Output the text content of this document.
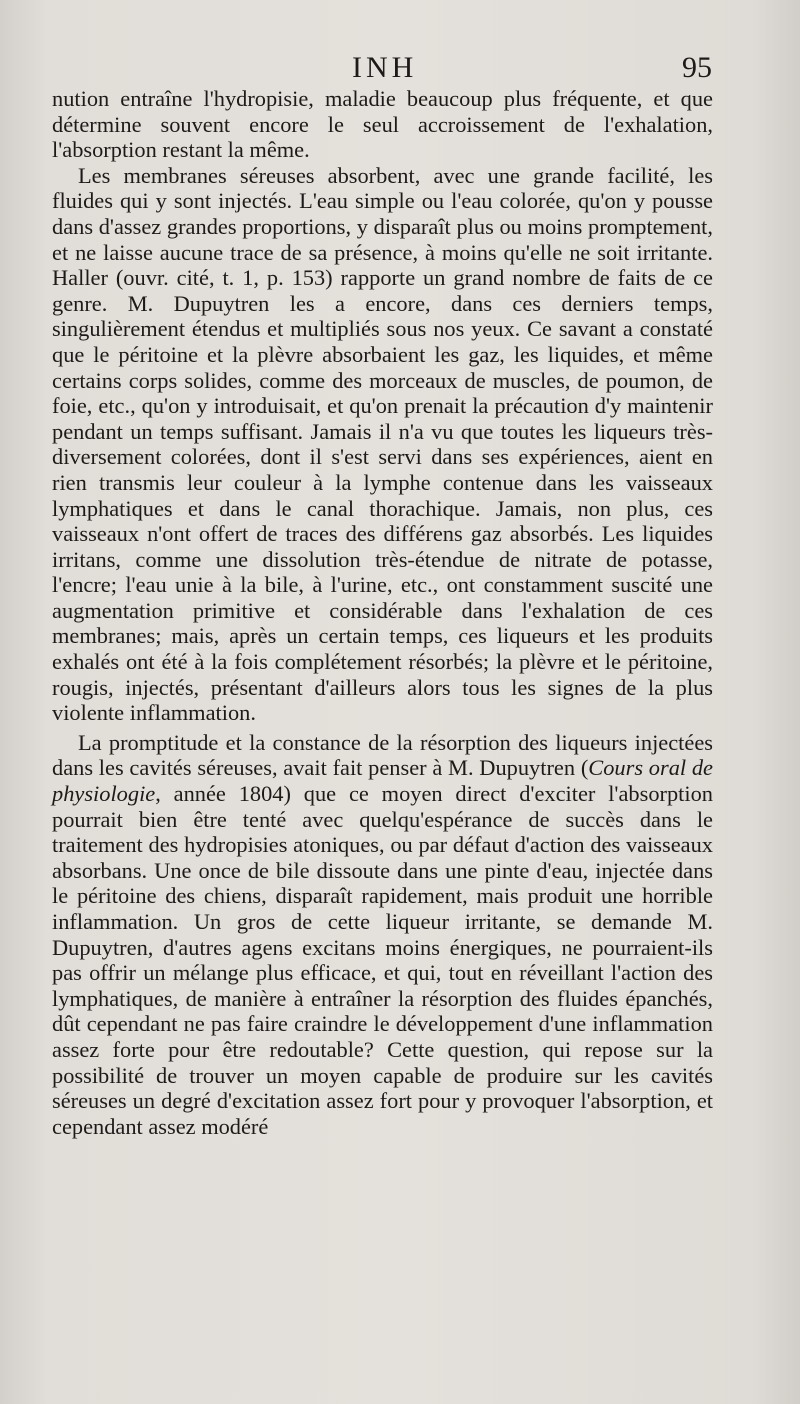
INH	95

nution entraîne l'hydropisie, maladie beaucoup plus fréquente, et que détermine souvent encore le seul accroissement de l'exhalation, l'absorption restant la même.

Les membranes séreuses absorbent, avec une grande facilité, les fluides qui y sont injectés. L'eau simple ou l'eau colorée, qu'on y pousse dans d'assez grandes proportions, y disparaît plus ou moins promptement, et ne laisse aucune trace de sa présence, à moins qu'elle ne soit irritante. Haller (ouvr. cité, t. 1, p. 153) rapporte un grand nombre de faits de ce genre. M. Dupuytren les a encore, dans ces derniers temps, singulièrement étendus et multipliés sous nos yeux. Ce savant a constaté que le péritoine et la plèvre absorbaient les gaz, les liquides, et même certains corps solides, comme des morceaux de muscles, de poumon, de foie, etc., qu'on y introduisait, et qu'on prenait la précaution d'y maintenir pendant un temps suffisant. Jamais il n'a vu que toutes les liqueurs très-diversement colorées, dont il s'est servi dans ses expériences, aient en rien transmis leur couleur à la lymphe contenue dans les vaisseaux lymphatiques et dans le canal thorachique. Jamais, non plus, ces vaisseaux n'ont offert de traces des différens gaz absorbés. Les liquides irritans, comme une dissolution très-étendue de nitrate de potasse, l'encre; l'eau unie à la bile, à l'urine, etc., ont constamment suscité une augmentation primitive et considérable dans l'exhalation de ces membranes; mais, après un certain temps, ces liqueurs et les produits exhalés ont été à la fois complétement résorbés; la plèvre et le péritoine, rougis, injectés, présentant d'ailleurs alors tous les signes de la plus violente inflammation.

La promptitude et la constance de la résorption des liqueurs injectées dans les cavités séreuses, avait fait penser à M. Dupuytren (Cours oral de physiologie, année 1804) que ce moyen direct d'exciter l'absorption pourrait bien être tenté avec quelqu'espérance de succès dans le traitement des hydropisies atoniques, ou par défaut d'action des vaisseaux absorbans. Une once de bile dissoute dans une pinte d'eau, injectée dans le péritoine des chiens, disparaît rapidement, mais produit une horrible inflammation. Un gros de cette liqueur irritante, se demande M. Dupuytren, d'autres agens excitans moins énergiques, ne pourraient-ils pas offrir un mélange plus efficace, et qui, tout en réveillant l'action des lymphatiques, de manière à entraîner la résorption des fluides épanchés, dût cependant ne pas faire craindre le développement d'une inflammation assez forte pour être redoutable? Cette question, qui repose sur la possibilité de trouver un moyen capable de produire sur les cavités séreuses un degré d'excitation assez fort pour y provoquer l'absorption, et cependant assez modéré
